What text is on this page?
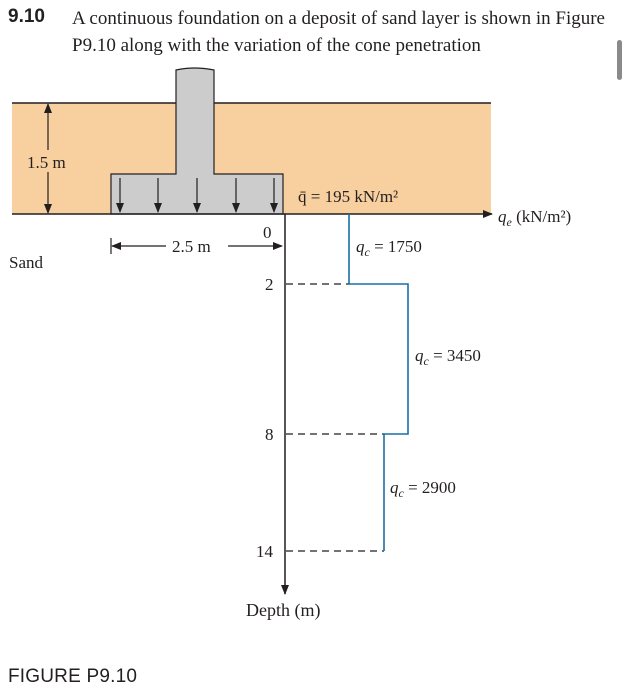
9.10 A continuous foundation on a deposit of sand layer is shown in Figure P9.10 along with the variation of the cone penetration
1.5 m
$q_e$ (kN/m²)
q̄ = 195 kN/m²
2.5 m
Sand
Depth (m)
0
2
8
14
$q_c = 1750$
$q_c = 3450$
$q_c = 2900$
FIGURE P9.10
